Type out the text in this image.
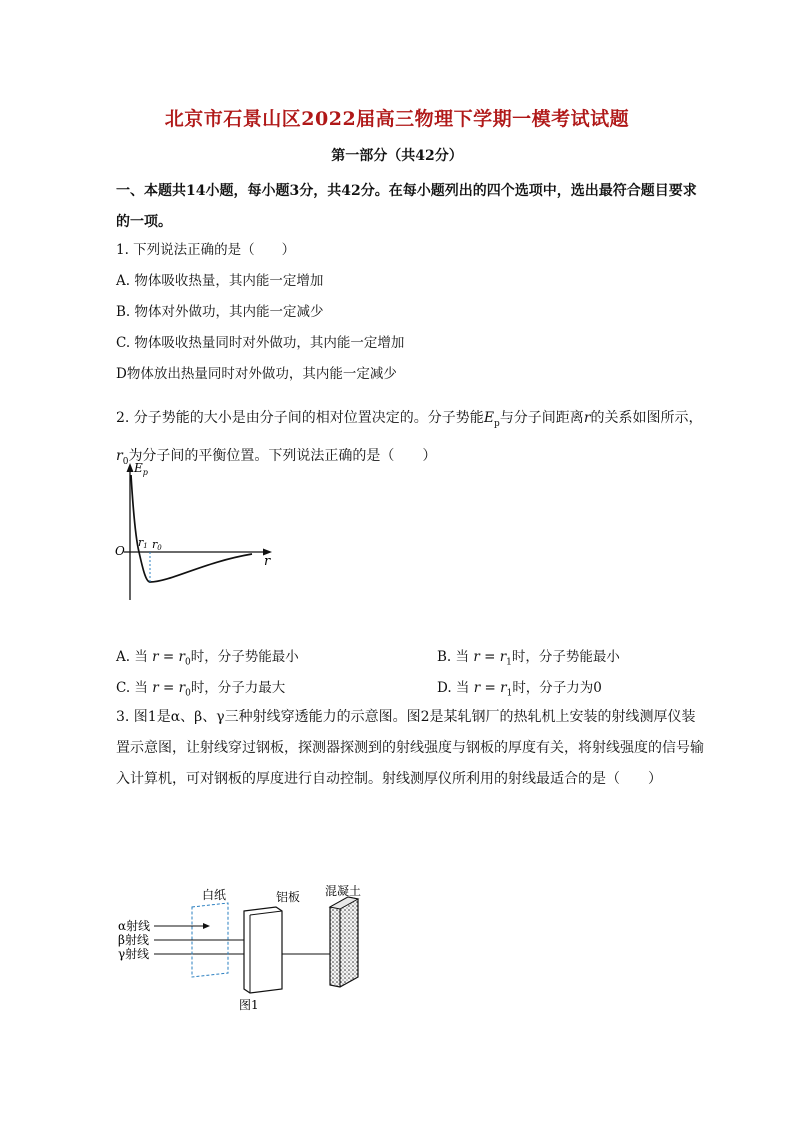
北京市石景山区2022届高三物理下学期一模考试试题
第一部分（共42分）
一、本题共14小题，每小题3分，共42分。在每小题列出的四个选项中，选出最符合题目要求的一项。
1. 下列说法正确的是（　　）
A. 物体吸收热量，其内能一定增加
B. 物体对外做功，其内能一定减少
C. 物体吸收热量同时对外做功，其内能一定增加
D物体放出热量同时对外做功，其内能一定减少
2. 分子势能的大小是由分子间的相对位置决定的。分子势能$E_p$与分子间距离r的关系如图所示，$r_0$为分子间的平衡位置。下列说法正确的是（　　）
$E_p$
O
r
r1 r0
A. 当 $r = r_0$时，分子势能最小	B. 当 $r = r_1$时，分子势能最小
C. 当 $r = r_0$时，分子力最大	D. 当 $r = r_1$时，分子力为0
3. 图1是α、β、γ三种射线穿透能力的示意图。图2是某轧钢厂的热轧机上安装的射线测厚仪装置示意图，让射线穿过钢板，探测器探测到的射线强度与钢板的厚度有关，将射线强度的信号输入计算机，可对钢板的厚度进行自动控制。射线测厚仪所利用的射线最适合的是（　　）
α射线
β射线
γ射线
白纸	铝板 混凝土
图1
